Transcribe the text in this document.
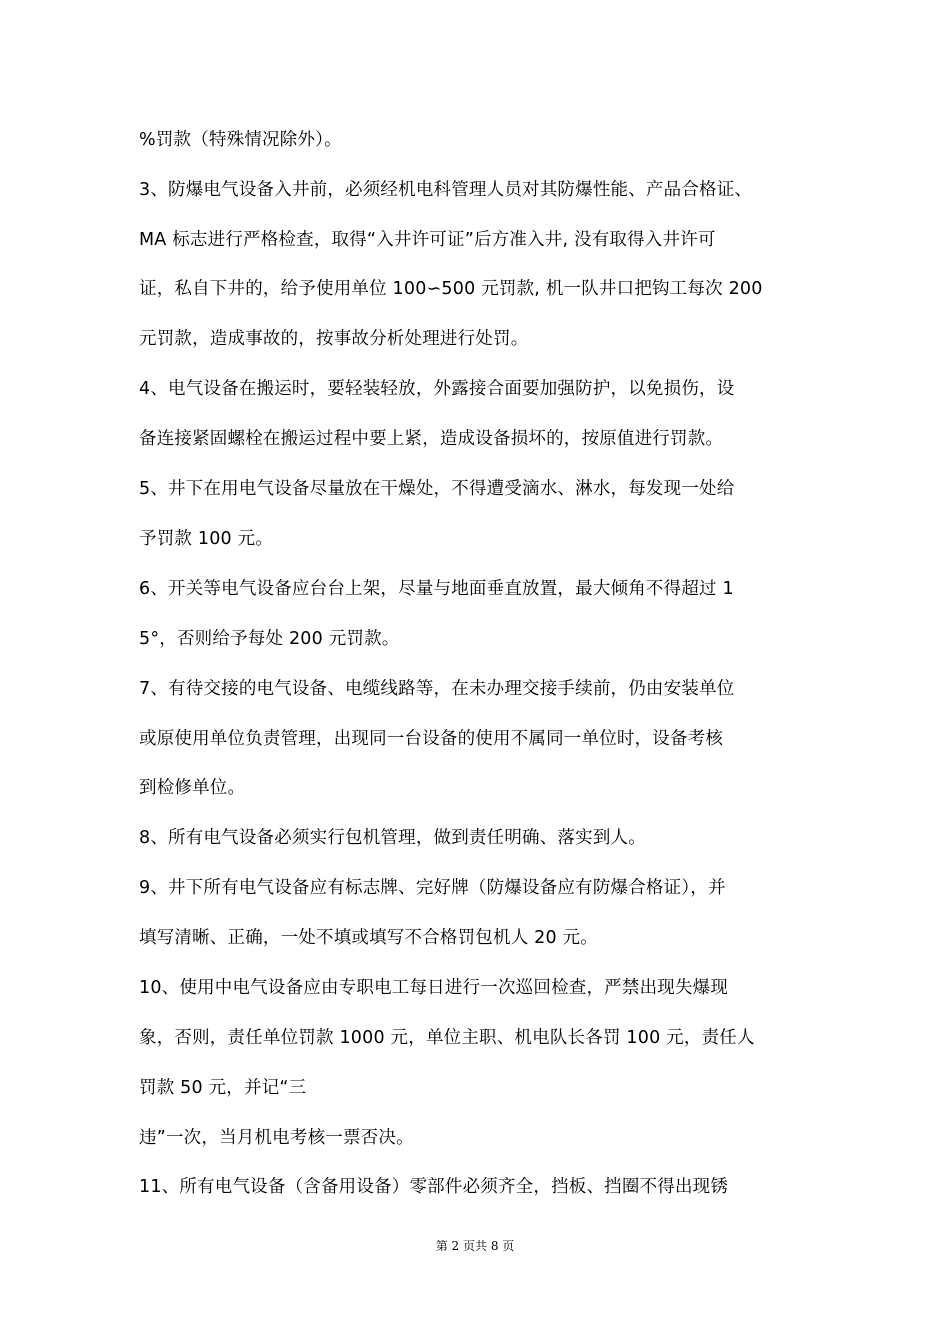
%罚款（特殊情况除外）。
3、防爆电气设备入井前，必须经机电科管理人员对其防爆性能、产品合格证、
MA 标志进行严格检查，取得“入井许可证”后方准入井, 没有取得入井许可
证，私自下井的，给予使用单位 100∽500 元罚款, 机一队井口把钩工每次 200
元罚款，造成事故的，按事故分析处理进行处罚。
4、电气设备在搬运时，要轻装轻放，外露接合面要加强防护，以免损伤，设
备连接紧固螺栓在搬运过程中要上紧，造成设备损坏的，按原值进行罚款。
5、井下在用电气设备尽量放在干燥处，不得遭受滴水、淋水，每发现一处给
予罚款 100 元。
6、开关等电气设备应台台上架，尽量与地面垂直放置，最大倾角不得超过 1
5°，否则给予每处 200 元罚款。
7、有待交接的电气设备、电缆线路等，在未办理交接手续前，仍由安装单位
或原使用单位负责管理，出现同一台设备的使用不属同一单位时，设备考核
到检修单位。
8、所有电气设备必须实行包机管理，做到责任明确、落实到人。
9、井下所有电气设备应有标志牌、完好牌（防爆设备应有防爆合格证），并
填写清晰、正确，一处不填或填写不合格罚包机人 20 元。
10、使用中电气设备应由专职电工每日进行一次巡回检查，严禁出现失爆现
象，否则，责任单位罚款 1000 元，单位主职、机电队长各罚 100 元，责任人
罚款 50 元，并记“三
违”一次，当月机电考核一票否决。
11、所有电气设备（含备用设备）零部件必须齐全，挡板、挡圈不得出现锈
第 2 页共 8 页
